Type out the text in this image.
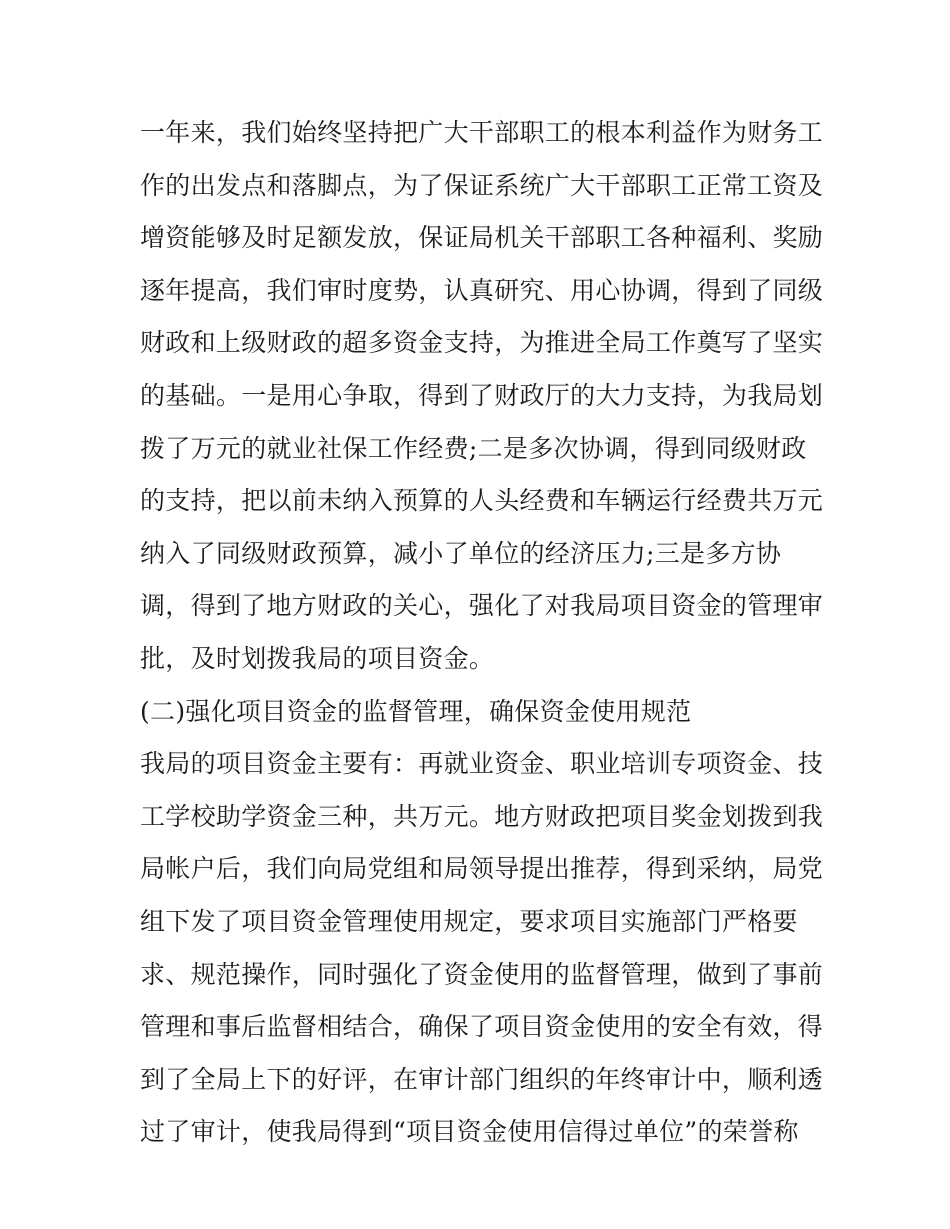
一年来，我们始终坚持把广大干部职工的根本利益作为财务工
作的出发点和落脚点，为了保证系统广大干部职工正常工资及
增资能够及时足额发放，保证局机关干部职工各种福利、奖励
逐年提高，我们审时度势，认真研究、用心协调，得到了同级
财政和上级财政的超多资金支持，为推进全局工作奠写了坚实
的基础。一是用心争取，得到了财政厅的大力支持，为我局划
拨了万元的就业社保工作经费;二是多次协调，得到同级财政
的支持，把以前未纳入预算的人头经费和车辆运行经费共万元
纳入了同级财政预算，减小了单位的经济压力;三是多方协
调，得到了地方财政的关心，强化了对我局项目资金的管理审
批，及时划拨我局的项目资金。
(二)强化项目资金的监督管理，确保资金使用规范
我局的项目资金主要有：再就业资金、职业培训专项资金、技
工学校助学资金三种，共万元。地方财政把项目奖金划拨到我
局帐户后，我们向局党组和局领导提出推荐，得到采纳，局党
组下发了项目资金管理使用规定，要求项目实施部门严格要
求、规范操作，同时强化了资金使用的监督管理，做到了事前
管理和事后监督相结合，确保了项目资金使用的安全有效，得
到了全局上下的好评，在审计部门组织的年终审计中，顺利透
过了审计，使我局得到“项目资金使用信得过单位”的荣誉称
